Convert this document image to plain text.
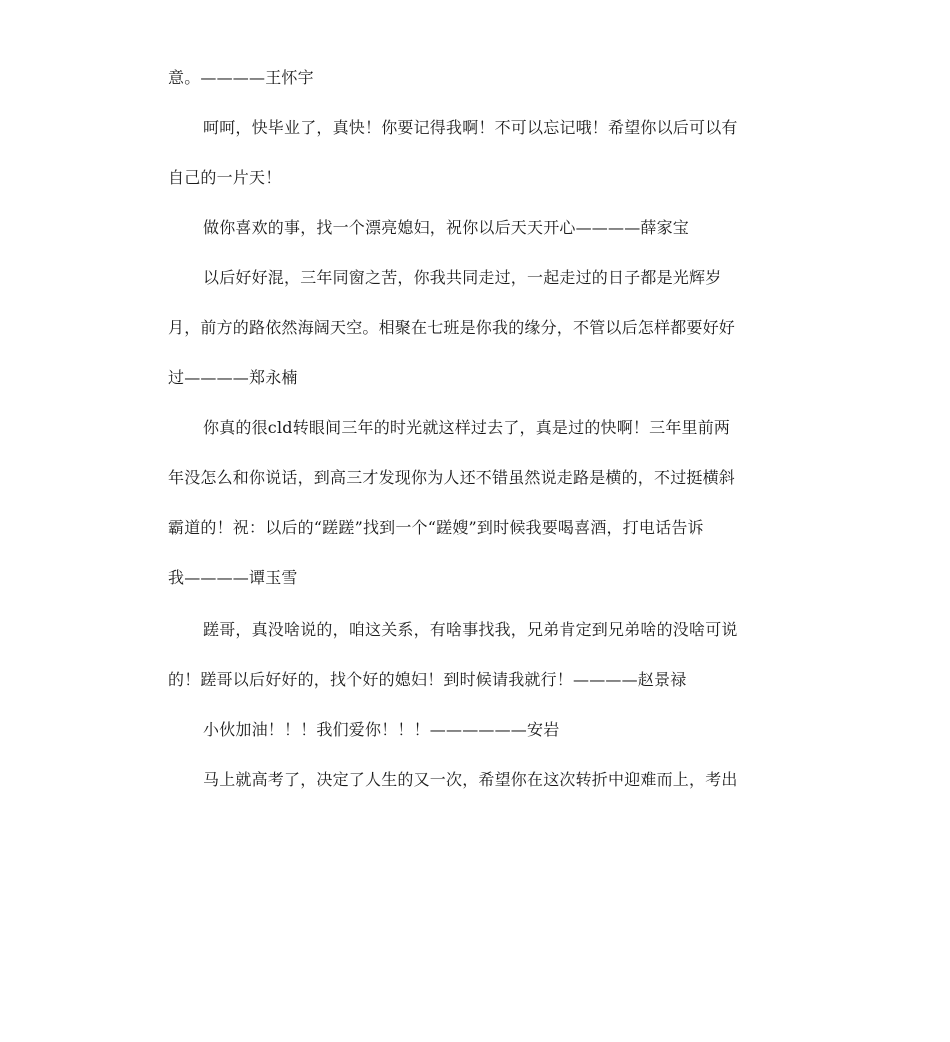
意。————王怀宇
呵呵，快毕业了，真快！你要记得我啊！不可以忘记哦！希望你以后可以有
自己的一片天！
做你喜欢的事，找一个漂亮媳妇，祝你以后天天开心————薛家宝
以后好好混，三年同窗之苦，你我共同走过，一起走过的日子都是光辉岁
月，前方的路依然海阔天空。相聚在七班是你我的缘分，不管以后怎样都要好好
过————郑永楠
你真的很cld转眼间三年的时光就这样过去了，真是过的快啊！三年里前两
年没怎么和你说话，到高三才发现你为人还不错虽然说走路是横的，不过挺横斜
霸道的！祝：以后的“蹉蹉”找到一个“蹉嫂”到时候我要喝喜酒，打电话告诉
我————谭玉雪
蹉哥，真没啥说的，咱这关系，有啥事找我，兄弟肯定到兄弟啥的没啥可说
的！蹉哥以后好好的，找个好的媳妇！到时候请我就行！————赵景禄
小伙加油！！！我们爱你！！！——————安岩
马上就高考了，决定了人生的又一次，希望你在这次转折中迎难而上，考出
